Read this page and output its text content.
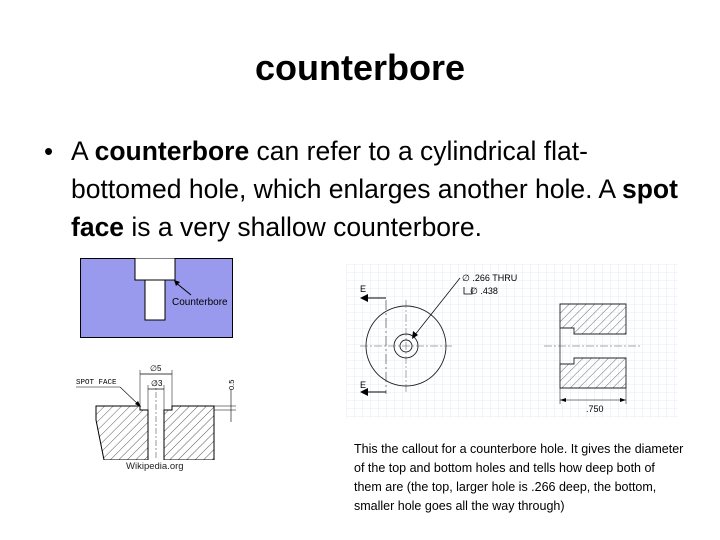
counterbore
• A counterbore can refer to a cylindrical flat-bottomed hole, which enlarges another hole. A spot face is a very shallow counterbore.
Counterbore
∅5
∅3
SPOT FACE	0.5
Wikipedia.org
E
E
∅ .266 THRU
∅ .438
.750
This the callout for a counterbore hole. It gives the diameter of the top and bottom holes and tells how deep both of them are (the top, larger hole is .266 deep, the bottom, smaller hole goes all the way through)
